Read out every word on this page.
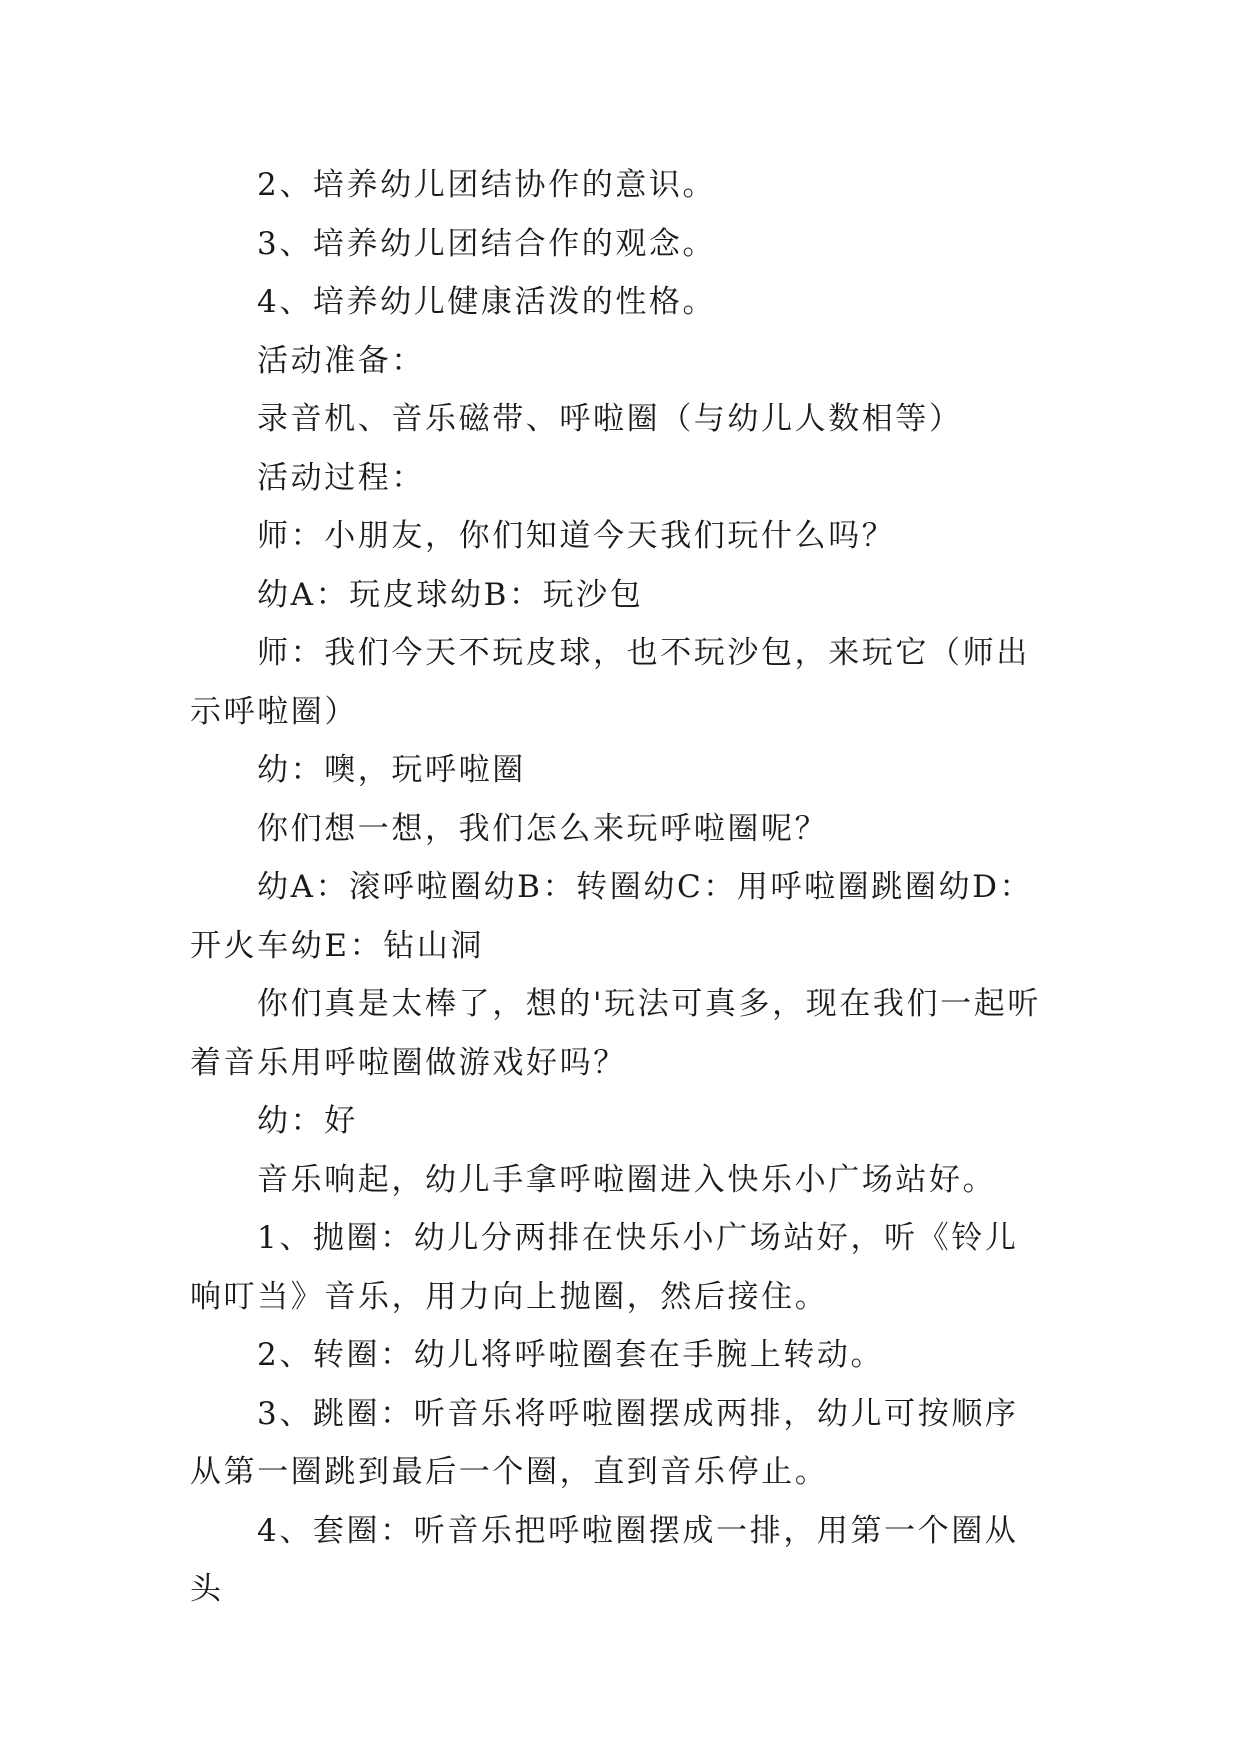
2、培养幼儿团结协作的意识。

3、培养幼儿团结合作的观念。

4、培养幼儿健康活泼的性格。

活动准备：

录音机、音乐磁带、呼啦圈（与幼儿人数相等）

活动过程：

师：小朋友，你们知道今天我们玩什么吗？

幼A：玩皮球幼B：玩沙包

师：我们今天不玩皮球，也不玩沙包，来玩它（师出示呼啦圈）

幼：噢，玩呼啦圈

你们想一想，我们怎么来玩呼啦圈呢？

幼A：滚呼啦圈幼B：转圈幼C：用呼啦圈跳圈幼D：开火车幼E：钻山洞

你们真是太棒了，想的'玩法可真多，现在我们一起听着音乐用呼啦圈做游戏好吗？

幼：好

音乐响起，幼儿手拿呼啦圈进入快乐小广场站好。

1、抛圈：幼儿分两排在快乐小广场站好，听《铃儿响叮当》音乐，用力向上抛圈，然后接住。

2、转圈：幼儿将呼啦圈套在手腕上转动。

3、跳圈：听音乐将呼啦圈摆成两排，幼儿可按顺序从第一圈跳到最后一个圈，直到音乐停止。

4、套圈：听音乐把呼啦圈摆成一排，用第一个圈从头
